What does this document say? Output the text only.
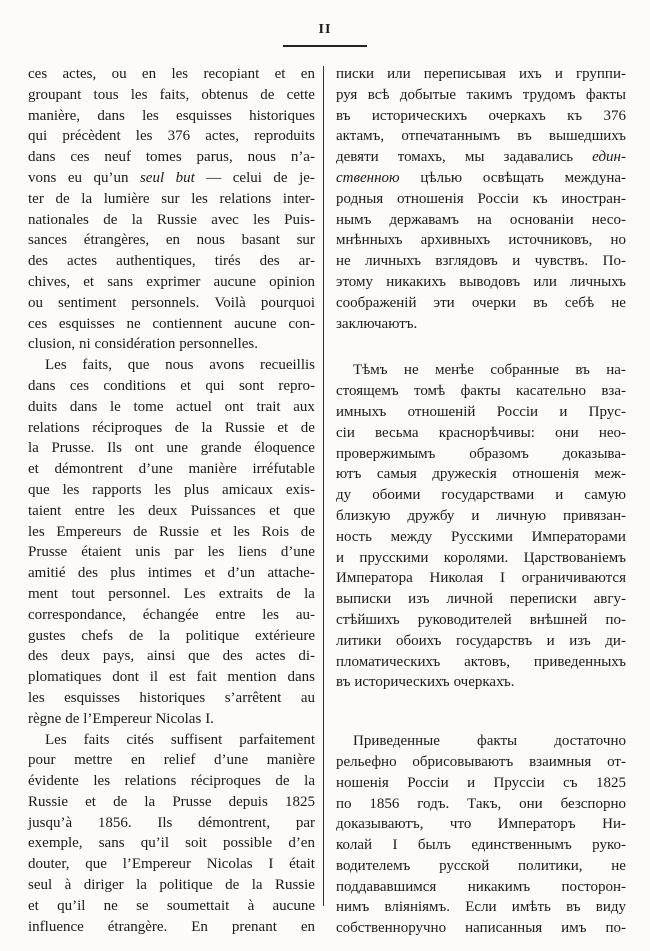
II
ces actes, ou en les recopiant et en
groupant tous les faits, obtenus de cette
manière, dans les esquisses historiques
qui précèdent les 376 actes, reproduits
dans ces neuf tomes parus, nous n’a-
vons eu qu’un seul but — celui de je-
ter de la lumière sur les relations inter-
nationales de la Russie avec les Puis-
sances étrangères, en nous basant sur
des actes authentiques, tirés des ar-
chives, et sans exprimer aucune opinion
ou sentiment personnels. Voilà pourquoi
ces esquisses ne contiennent aucune con-
clusion, ni considération personnelles.
Les faits, que nous avons recueillis
dans ces conditions et qui sont repro-
duits dans le tome actuel ont trait aux
relations réciproques de la Russie et de
la Prusse. Ils ont une grande éloquence
et démontrent d’une manière irréfutable
que les rapports les plus amicaux exis-
taient entre les deux Puissances et que
les Empereurs de Russie et les Rois de
Prusse étaient unis par les liens d’une
amitié des plus intimes et d’un attache-
ment tout personnel. Les extraits de la
correspondance, échangée entre les au-
gustes chefs de la politique extérieure
des deux pays, ainsi que des actes di-
plomatiques dont il est fait mention dans
les esquisses historiques s’arrêtent au
règne de l’Empereur Nicolas I.
Les faits cités suffisent parfaitement
pour mettre en relief d’une manière
évidente les relations réciproques de la
Russie et de la Prusse depuis 1825
jusqu’à 1856. Ils démontrent, par
exemple, sans qu’il soit possible d’en
douter, que l’Empereur Nicolas I était
seul à diriger la politique de la Russie
et qu’il ne se soumettait à aucune
influence étrangère. En prenant en
писки или переписывая ихъ и группи-
руя всѣ добытые такимъ трудомъ факты
въ историческихъ очеркахъ къ 376
актамъ, отпечатаннымъ въ вышедшихъ
девяти томахъ, мы задавались един-
ственною цѣлью освѣщать междуна-
родныя отношенія Россіи къ иностран-
нымъ державамъ на основаніи несо-
мнѣнныхъ архивныхъ источниковъ, но
не личныхъ взглядовъ и чувствъ. По-
этому никакихъ выводовъ или личныхъ
соображеній эти очерки въ себѣ не
заключаютъ.
Тѣмъ не менѣе собранные въ на-
стоящемъ томѣ факты касательно вза-
имныхъ отношеній Россіи и Прус-
сіи весьма краснорѣчивы: они нео-
провержимымъ образомъ доказыва-
ютъ самыя дружескія отношенія меж-
ду обоими государствами и самую
близкую дружбу и личную привязан-
ность между Русскими Императорами
и прусскими королями. Царствованіемъ
Императора Николая I ограничиваются
выписки изъ личной переписки авгу-
стѣйшихъ руководителей внѣшней по-
литики обоихъ государствъ и изъ ди-
пломатическихъ актовъ, приведенныхъ
въ историческихъ очеркахъ.
Приведенные факты достаточно
рельефно обрисовываютъ взаимныя от-
ношенія Россіи и Пруссіи съ 1825
по 1856 годъ. Такъ, они безспорно
доказываютъ, что Императоръ Ни-
колай I былъ единственнымъ руко-
водителемъ русской политики, не
поддававшимся никакимъ посторон-
нимъ вліяніямъ. Если имѣть въ виду
собственноручно написанныя имъ по-
